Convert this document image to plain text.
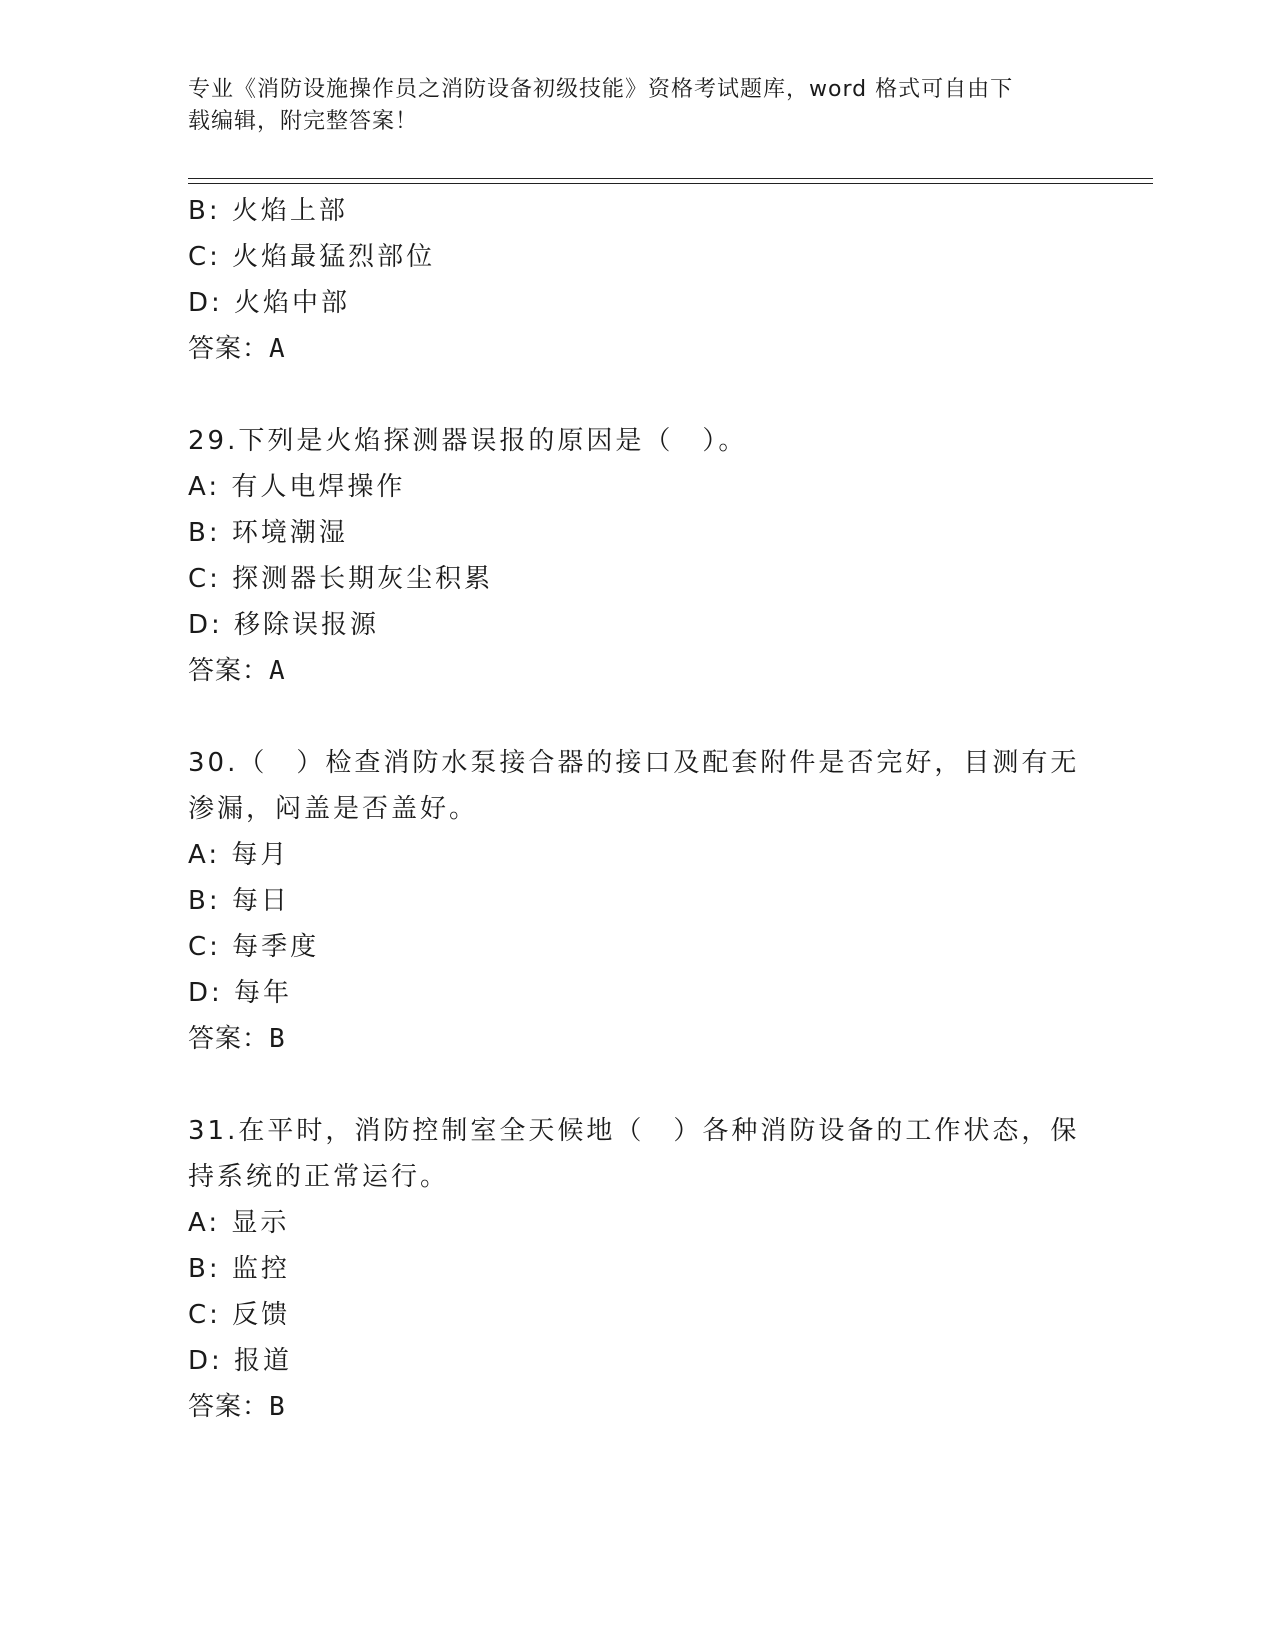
专业《消防设施操作员之消防设备初级技能》资格考试题库，word 格式可自由下

载编辑，附完整答案！

B: 火焰上部
C: 火焰最猛烈部位
D: 火焰中部
答案：A
29.下列是火焰探测器误报的原因是（　）。
A: 有人电焊操作
B: 环境潮湿
C: 探测器长期灰尘积累
D: 移除误报源
答案：A
30.（　）检查消防水泵接合器的接口及配套附件是否完好，目测有无
渗漏，闷盖是否盖好。
A: 每月
B: 每日
C: 每季度
D: 每年
答案：B
31.在平时，消防控制室全天候地（　）各种消防设备的工作状态，保
持系统的正常运行。
A: 显示
B: 监控
C: 反馈
D: 报道
答案：B
